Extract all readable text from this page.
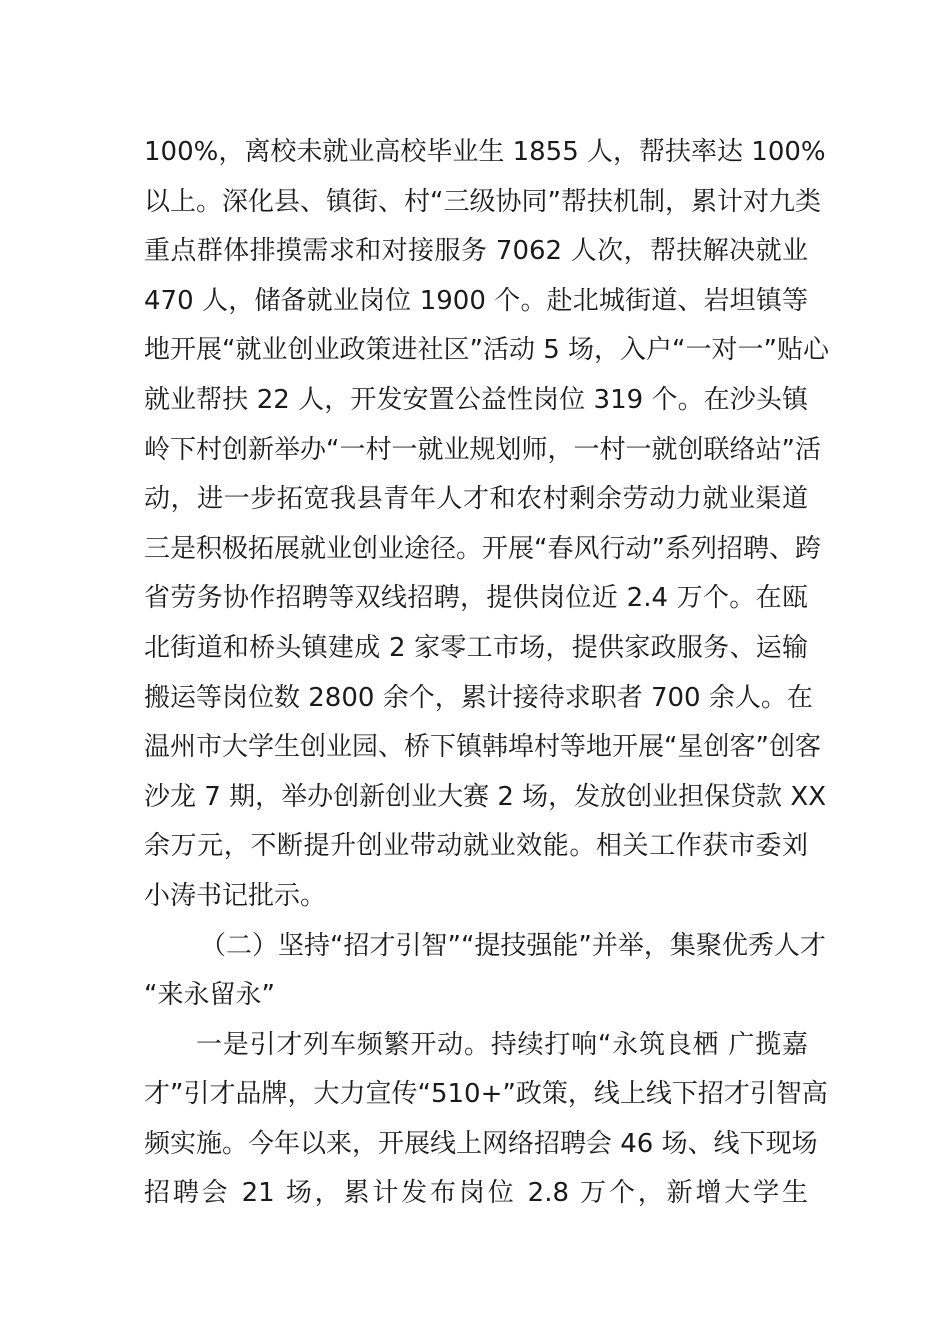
100%，离校未就业高校毕业生 1855 人，帮扶率达 100%
以上。深化县、镇街、村“三级协同”帮扶机制，累计对九类
重点群体排摸需求和对接服务 7062 人次，帮扶解决就业
470 人，储备就业岗位 1900 个。赴北城街道、岩坦镇等
地开展“就业创业政策进社区”活动 5 场，入户“一对一”贴心
就业帮扶 22 人，开发安置公益性岗位 319 个。在沙头镇
岭下村创新举办“一村一就业规划师，一村一就创联络站”活
动，进一步拓宽我县青年人才和农村剩余劳动力就业渠道
三是积极拓展就业创业途径。开展“春风行动”系列招聘、跨
省劳务协作招聘等双线招聘，提供岗位近 2.4 万个。在瓯
北街道和桥头镇建成 2 家零工市场，提供家政服务、运输
搬运等岗位数 2800 余个，累计接待求职者 700 余人。在
温州市大学生创业园、桥下镇韩埠村等地开展“星创客”创客
沙龙 7 期，举办创新创业大赛 2 场，发放创业担保贷款 XX
余万元，不断提升创业带动就业效能。相关工作获市委刘
小涛书记批示。
（二）坚持“招才引智”“提技强能”并举，集聚优秀人才
“来永留永”
一是引才列车频繁开动。持续打响“永筑良栖 广揽嘉
才”引才品牌，大力宣传“510+”政策，线上线下招才引智高
频实施。今年以来，开展线上网络招聘会 46 场、线下现场
招聘会 21 场，累计发布岗位 2.8 万个，新增大学生
